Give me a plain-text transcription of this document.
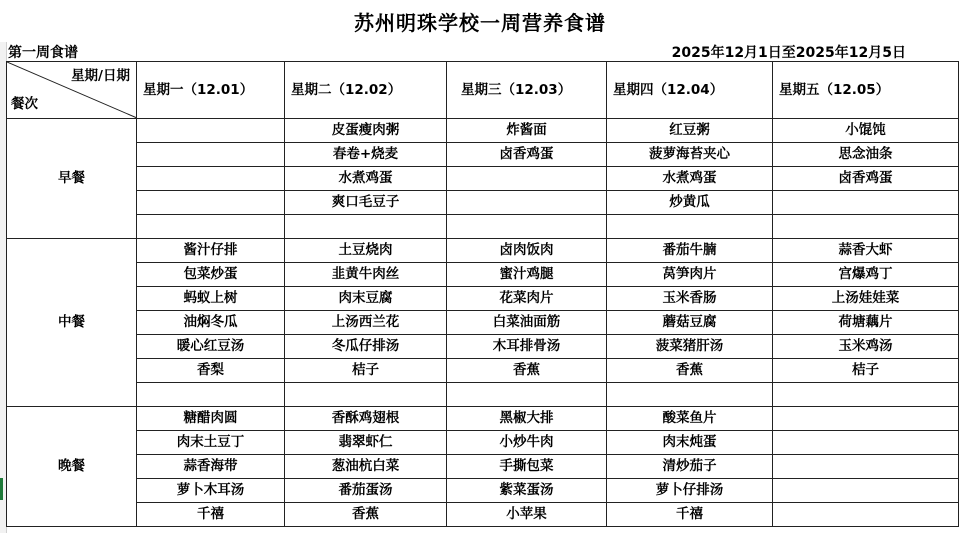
苏州明珠学校一周营养食谱
第一周食谱	2025年12月1日至2025年12月5日
星期/日期
餐次	星期一（12.01）	星期二（12.02）	星期三（12.03）	星期四（12.04）	星期五（12.05）
早餐		皮蛋瘦肉粥	炸酱面	红豆粥	小馄饨
		春卷+烧麦	卤香鸡蛋	菠萝海苔夹心	思念油条
		水煮鸡蛋		水煮鸡蛋	卤香鸡蛋
		爽口毛豆子		炒黄瓜	

中餐	酱汁仔排	土豆烧肉	卤肉饭肉	番茄牛腩	蒜香大虾
	包菜炒蛋	韭黄牛肉丝	蜜汁鸡腿	莴笋肉片	宫爆鸡丁
	蚂蚁上树	肉末豆腐	花菜肉片	玉米香肠	上汤娃娃菜
	油焖冬瓜	上汤西兰花	白菜油面筋	蘑菇豆腐	荷塘藕片
	暖心红豆汤	冬瓜仔排汤	木耳排骨汤	菠菜猪肝汤	玉米鸡汤
	香梨	桔子	香蕉	香蕉	桔子

晚餐	糖醋肉圆	香酥鸡翅根	黑椒大排	酸菜鱼片	
	肉末土豆丁	翡翠虾仁	小炒牛肉	肉末炖蛋	
	蒜香海带	葱油杭白菜	手撕包菜	清炒茄子	
	萝卜木耳汤	番茄蛋汤	紫菜蛋汤	萝卜仔排汤	
	千禧	香蕉	小苹果	千禧	
